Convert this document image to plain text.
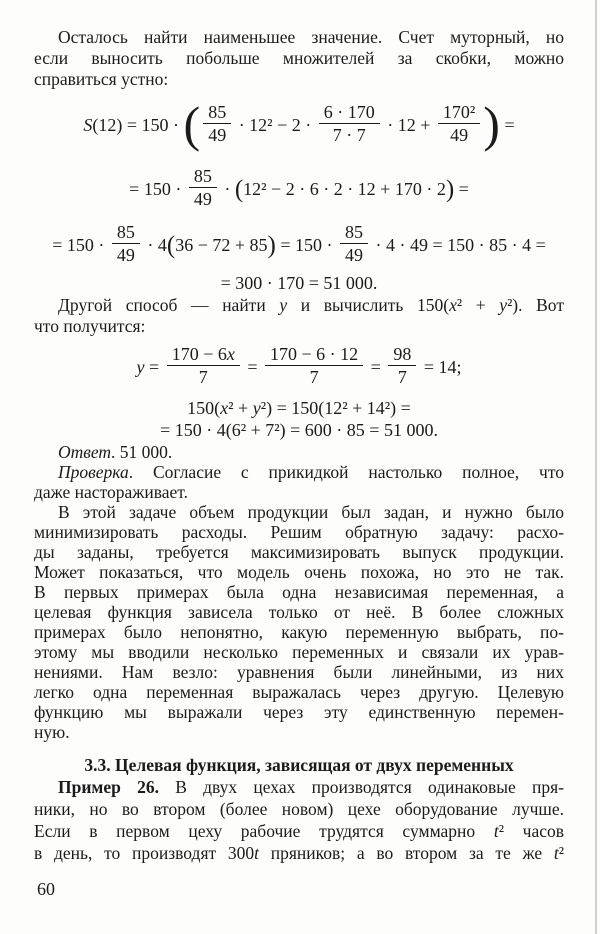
Осталось найти наименьшее значение. Счет муторный, но
если выносить побольше множителей за скобки, можно
справиться устно:
S(12) = 150 · ( $\frac{85}{49} \cdot 12^2 - 2 \cdot \frac{6 \cdot 170}{7 \cdot 7} \cdot 12 + \frac{\text{170²}}{49}$ ) =
= $150 \cdot \frac{85}{49} \cdot (12^2 - 2 \cdot 6 \cdot 2 \cdot 12 + 170 \cdot 2)$ =
= $150 \cdot \frac{85}{49} \cdot 4(36 - 72 + 85) = 150 \cdot \frac{85}{49} \cdot 4 \cdot 49 = 150 \cdot 85 \cdot 4$ =
= 300 · 170 = 51 000.
Другой способ — найти y и вычислить 150(x² + y²). Вот
что получится:
$y = \frac{170 - 6x}{7} = \frac{170 - 6 \cdot 12}{7} = \frac{98}{7} = 14$;
150(x² + y²) = 150(12² + 14²) =
= 150 · 4(6² + 7²) = 600 · 85 = 51 000.
Ответ. 51 000.
Проверка. Согласие с прикидкой настолько полное, что
даже настораживает.
В этой задаче объем продукции был задан, и нужно было
минимизировать расходы. Решим обратную задачу: расхо-
ды заданы, требуется максимизировать выпуск продукции.
Может показаться, что модель очень похожа, но это не так.
В первых примерах была одна независимая переменная, а
целевая функция зависела только от неё. В более сложных
примерах было непонятно, какую переменную выбрать, по-
этому мы вводили несколько переменных и связали их урав-
нениями. Нам везло: уравнения были линейными, из них
легко одна переменная выражалась через другую. Целевую
функцию мы выражали через эту единственную перемен-
ную.
3.3. Целевая функция, зависящая от двух переменных
Пример 26. В двух цехах производятся одинаковые пря-
ники, но во втором (более новом) цехе оборудование лучше.
Если в первом цеху рабочие трудятся суммарно t² часов
в день, то производят 300t пряников; а во втором за те же t²
60
